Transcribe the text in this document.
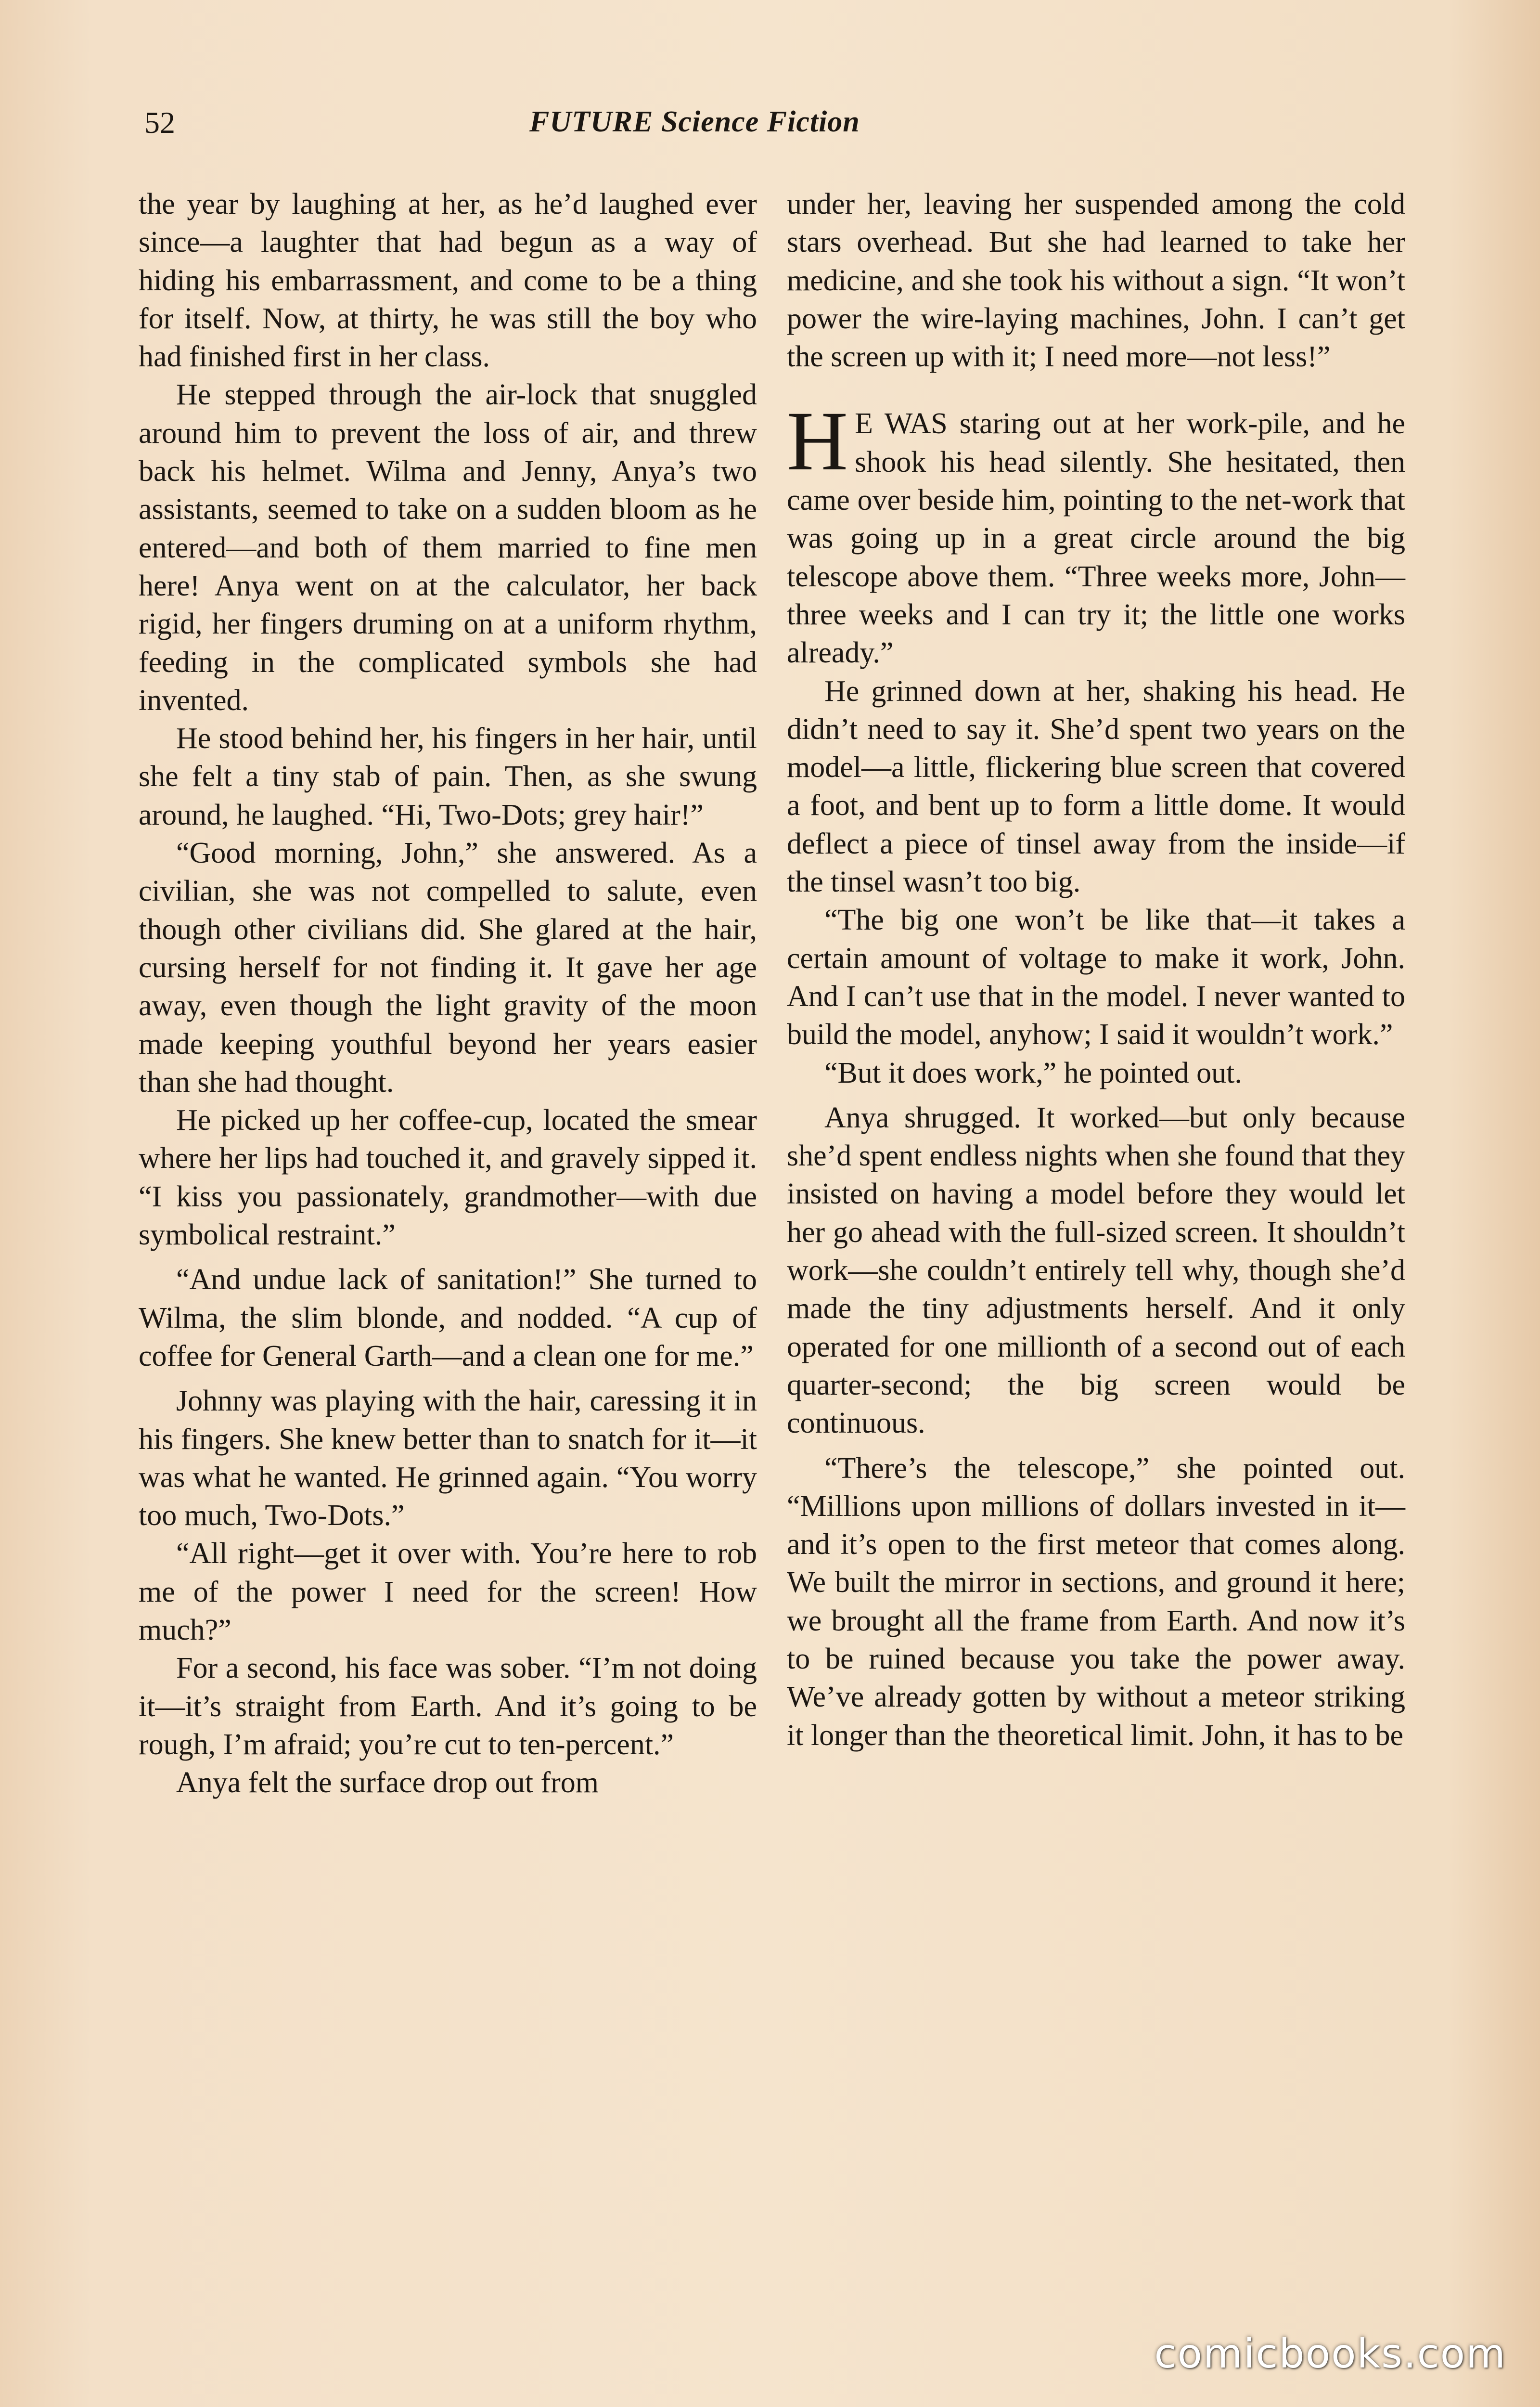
52	FUTURE Science Fiction

the year by laughing at her, as he’d laughed ever since—a laughter that had begun as a way of hiding his embarrassment, and come to be a thing for itself. Now, at thirty, he was still the boy who had finished first in her class.

He stepped through the air-lock that snuggled around him to prevent the loss of air, and threw back his helmet. Wilma and Jenny, Anya’s two assistants, seemed to take on a sudden bloom as he entered—and both of them married to fine men here! Anya went on at the calculator, her back rigid, her fingers druming on at a uniform rhythm, feeding in the complicated symbols she had invented.

He stood behind her, his fingers in her hair, until she felt a tiny stab of pain. Then, as she swung around, he laughed. “Hi, Two-Dots; grey hair!”

“Good morning, John,” she answered. As a civilian, she was not compelled to salute, even though other civilians did. She glared at the hair, cursing herself for not finding it. It gave her age away, even though the light gravity of the moon made keeping youthful beyond her years easier than she had thought.

He picked up her coffee-cup, located the smear where her lips had touched it, and gravely sipped it. “I kiss you passionately, grandmother—with due symbolical restraint.”

“And undue lack of sanitation!” She turned to Wilma, the slim blonde, and nodded. “A cup of coffee for General Garth—and a clean one for me.”

Johnny was playing with the hair, caressing it in his fingers. She knew better than to snatch for it—it was what he wanted. He grinned again. “You worry too much, Two-Dots.”

“All right—get it over with. You’re here to rob me of the power I need for the screen! How much?”

For a second, his face was sober. “I’m not doing it—it’s straight from Earth. And it’s going to be rough, I’m afraid; you’re cut to ten-percent.”

Anya felt the surface drop out from

under her, leaving her suspended among the cold stars overhead. But she had learned to take her medicine, and she took his without a sign. “It won’t power the wire-laying machines, John. I can’t get the screen up with it; I need more—not less!”

H E WAS staring out at her work-pile, and he shook his head silently. She hesitated, then came over beside him, pointing to the net-work that was going up in a great circle around the big telescope above them. “Three weeks more, John—three weeks and I can try it; the little one works already.”

He grinned down at her, shaking his head. He didn’t need to say it. She’d spent two years on the model—a little, flickering blue screen that covered a foot, and bent up to form a little dome. It would deflect a piece of tinsel away from the inside—if the tinsel wasn’t too big.

“The big one won’t be like that—it takes a certain amount of voltage to make it work, John. And I can’t use that in the model. I never wanted to build the model, anyhow; I said it wouldn’t work.”

“But it does work,” he pointed out.

Anya shrugged. It worked—but only because she’d spent endless nights when she found that they insisted on having a model before they would let her go ahead with the full-sized screen. It shouldn’t work—she couldn’t entirely tell why, though she’d made the tiny adjustments herself. And it only operated for one millionth of a second out of each quarter-second; the big screen would be continuous.

“There’s the telescope,” she pointed out. “Millions upon millions of dollars invested in it—and it’s open to the first meteor that comes along. We built the mirror in sections, and ground it here; we brought all the frame from Earth. And now it’s to be ruined because you take the power away. We’ve already gotten by without a meteor striking it longer than the theoretical limit. John, it has to be

comicbooks.com
